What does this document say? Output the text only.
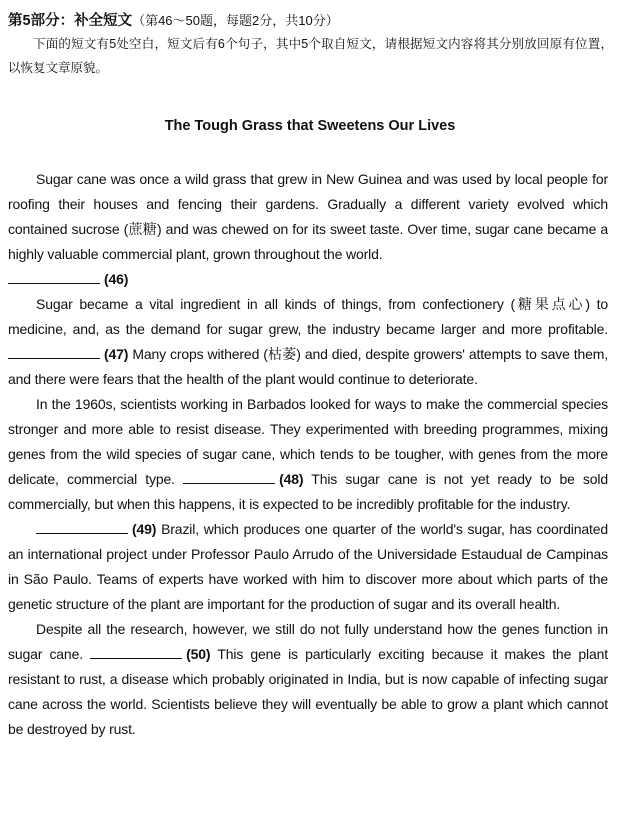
第5部分：补全短文（第46～50题，每题2分，共10分）
下面的短文有5处空白，短文后有6个句子，其中5个取自短文，请根据短文内容将其分别放回原有位置，以恢复文章原貌。
The Tough Grass that Sweetens Our Lives

Sugar cane was once a wild grass that grew in New Guinea and was used by local people for roofing their houses and fencing their gardens. Gradually a different variety evolved which contained sucrose (蔗糖) and was chewed on for its sweet taste. Over time, sugar cane became a highly valuable commercial plant, grown throughout the world.

(46)

Sugar became a vital ingredient in all kinds of things, from confectionery (糖果点心) to medicine, and, as the demand for sugar grew, the industry became larger and more profitable. (47) Many crops withered (枯萎) and died, despite growers' attempts to save them, and there were fears that the health of the plant would continue to deteriorate.

In the 1960s, scientists working in Barbados looked for ways to make the commercial species stronger and more able to resist disease. They experimented with breeding programmes, mixing genes from the wild species of sugar cane, which tends to be tougher, with genes from the more delicate, commercial type.	(48) This sugar cane is not yet ready to be sold commercially, but when this happens, it is expected to be incredibly profitable for the industry.

(49) Brazil, which produces one quarter of the world's sugar, has coordinated an international project under Professor Paulo Arrudo of the Universidade Estaudual de Campinas in São Paulo. Teams of experts have worked with him to discover more about which parts of the genetic structure of the plant are important for the production of sugar and its overall health.

Despite all the research, however, we still do not fully understand how the genes function in sugar cane.	(50) This gene is particularly exciting because it makes the plant resistant to rust, a disease which probably originated in India, but is now capable of infecting sugar cane across the world. Scientists believe they will eventually be able to grow a plant which cannot be destroyed by rust.
